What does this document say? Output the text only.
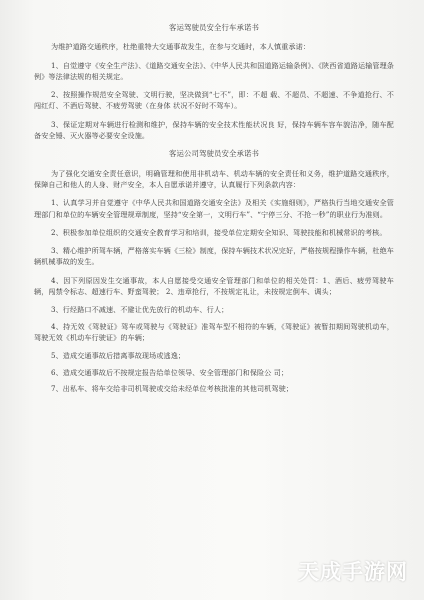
客运驾驶员安全行车承诺书
为维护道路交通秩序，杜绝重特大交通事故发生，在参与交通时，本人慎重承诺：
1、自觉遵守《安全生产法》、《道路交通安全法》、《中华人民共和国道路运输条例》、《陕西省道路运输管理条例》等法律法规的相关规定。
2、按照操作规范安全驾驶、文明行驶，坚决做到“七不”，即：不超 载、不超员、不超速、不争道抢行、不闯红灯、不酒后驾驶、不疲劳驾驶（在身体 状况不好时不驾车）。
3、保证定期对车辆进行检测和维护，保持车辆的安全技术性能状况良 好，保持车辆车容车貌洁净，随车配备安全锤、灭火器等必要安全设施。
客运公司驾驶员安全承诺书
为了强化交通安全责任意识，明确管理和使用非机动车、机动车辆的安全责任和义务，维护道路交通秩序，保障自己和他人的人身、财产安全，本人自愿承诺并遵守，认真履行下列条款内容：
1、认真学习并自觉遵守《中华人民共和国道路交通安全法》及相关《实施细则》，严格执行当地交通安全管理部门和单位的车辆安全管理规章制度，坚持“安全第一，文明行车”、“宁停三分、不抢一秒”的职业行为准则。
2、积极参加单位组织的交通安全教育学习和培训，接受单位定期安全知识、驾驶技能和机械常识的考核。
3、精心维护所驾车辆，严格落实车辆《三检》制度，保持车辆技术状况完好，严格按规程操作车辆，杜绝车辆机械事故的发生。
4、因下列原因发生交通事故，本人自愿接受交通安全管理部门和单位的相关处罚：1、酒后、疲劳驾驶车辆，闯禁令标志、超速行车、野蛮驾驶； 2、违章抢行，不按规定礼让，未按规定倒车、调头；
3、行经路口不减速、不避让优先放行的机动车、行人；
4、持无效《驾驶证》驾车或驾驶与《驾驶证》准驾车型不相符的车辆，《驾驶证》被暂扣期间驾驶机动车，驾驶无效《机动车行驶证》的车辆；
5、造成交通事故后措离事故现场或逃逸；
6、造成交通事故后不按规定报告给单位领导、安全管理部门和保险公 司；
7、出私车、将车交给非司机驾驶或交给未经单位考核批准的其他司机驾驶；
天成手游网
